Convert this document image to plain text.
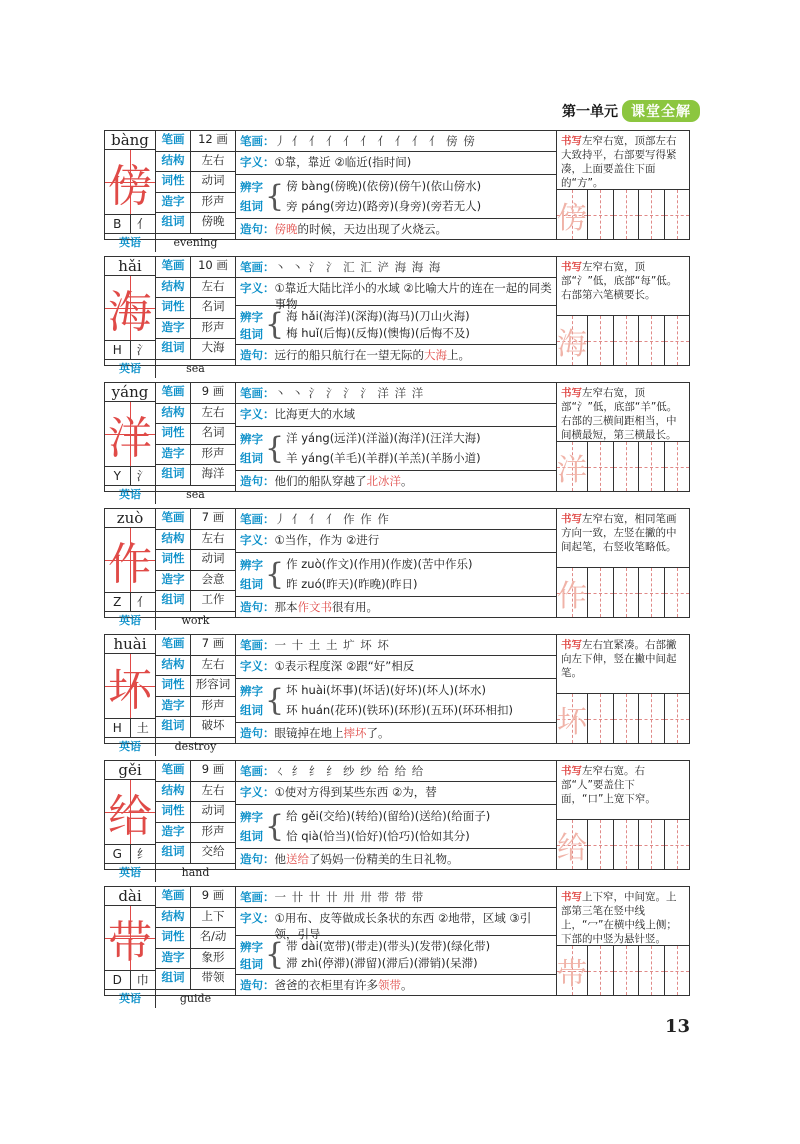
第一单元 课堂全解
bàng
傍
B	亻
笔画	12 画
结构	左右
词性	动词
造字	形声
组词	傍晚
英语	evening
笔画 ： 丿 亻 亻 亻 亻 亻 亻 亻 亻 亻 傍 傍
字义 ： ①靠，靠近 ②临近(指时间)
辨字
组词 { 傍 bàng(傍晚)(依傍)(傍午)(依山傍水)
旁 páng(旁边)(路旁)(身旁)(旁若无人)
造句 ： 傍晚的时候，天边出现了火烧云。
书写左窄右宽，顶部左右大致持平，右部要写得紧凑，上面要盖住下面的“方”。
傍
hǎi
海
H	氵
笔画	10 画
结构	左右
词性	名词
造字	形声
组词	大海
英语	sea
笔画 ： 丶 丶 氵 氵 汇 汇 浐 海 海 海
字义 ： ①靠近大陆比洋小的水域 ②比喻大片的连在一起的同类事物
辨字
组词 { 海 hǎi(海洋)(深海)(海马)(刀山火海)
梅 huǐ(后悔)(反悔)(懊悔)(后悔不及)
造句 ： 远行的船只航行在一望无际的大海上。
书写左窄右宽，顶部“氵”低，底部“每”低。右部第六笔横要长。
海
yáng
洋
Y	氵
笔画	9 画
结构	左右
词性	名词
造字	形声
组词	海洋
英语	sea
笔画 ： 丶 丶 氵 氵 氵 氵 洋 洋 洋
字义 ： 比海更大的水域
辨字
组词 { 洋 yáng(远洋)(洋溢)(海洋)(汪洋大海)
羊 yáng(羊毛)(羊群)(羊羔)(羊肠小道)
造句 ： 他们的船队穿越了北冰洋。
书写左窄右宽，顶部“氵”低，底部“羊”低。右部的三横间距相当，中间横最短，第三横最长。
洋
zuò
作
Z	亻
笔画	7 画
结构	左右
词性	动词
造字	会意
组词	工作
英语	work
笔画 ： 丿 亻 亻 亻 作 作 作
字义 ： ①当作，作为 ②进行
辨字
组词 { 作 zuò(作文)(作用)(作废)(苦中作乐)
昨 zuó(昨天)(昨晚)(昨日)
造句 ： 那本作文书很有用。
书写左窄右宽，相同笔画方向一致，左竖在撇的中间起笔，右竖收笔略低。
作
huài
坏
H	土
笔画	7 画
结构	左右
词性 形容词
造字	形声
组词	破坏
英语	destroy
笔画 ： 一 十 土 土 圹 坏 坏
字义 ： ①表示程度深 ②跟“好”相反
辨字
组词 { 坏 huài(坏事)(坏话)(好坏)(坏人)(坏水)
环 huán(花环)(铁环)(环形)(五环)(环环相扣)
造句 ： 眼镜掉在地上摔坏了。
书写左右宜紧凑。右部撇向左下伸，竖在撇中间起笔。
坏
gěi
给
G	纟
笔画	9 画
结构	左右
词性	动词
造字	形声
组词	交给
英语	hand
笔画 ： ㄑ 纟 纟 纟 纱 纱 给 给 给
字义 ： ①使对方得到某些东西 ②为，替
辨字
组词 { 给 gěi(交给)(转给)(留给)(送给)(给面子)
恰 qià(恰当)(恰好)(恰巧)(恰如其分)
造句 ： 他送给了妈妈一份精美的生日礼物。
书写左窄右宽。右部“人”要盖住下面，“口”上宽下窄。
给
dài
带
D	巾
笔画	9 画
结构	上下
词性	名/动
造字	象形
组词	带领
英语	guide
笔画 ： 一 卄 卄 卄 卅 卅 带 带 带
字义 ： ①用布、皮等做成长条状的东西 ②地带，区域 ③引领，引导
辨字
组词 { 带 dài(宽带)(带走)(带头)(发带)(绿化带)
滞 zhì(停滞)(滞留)(滞后)(滞销)(呆滞)
造句 ： 爸爸的衣柜里有许多领带。
书写上下窄，中间宽。上部第三笔在竖中线上，“冖”在横中线上侧；下部的中竖为悬针竖。
带
13
